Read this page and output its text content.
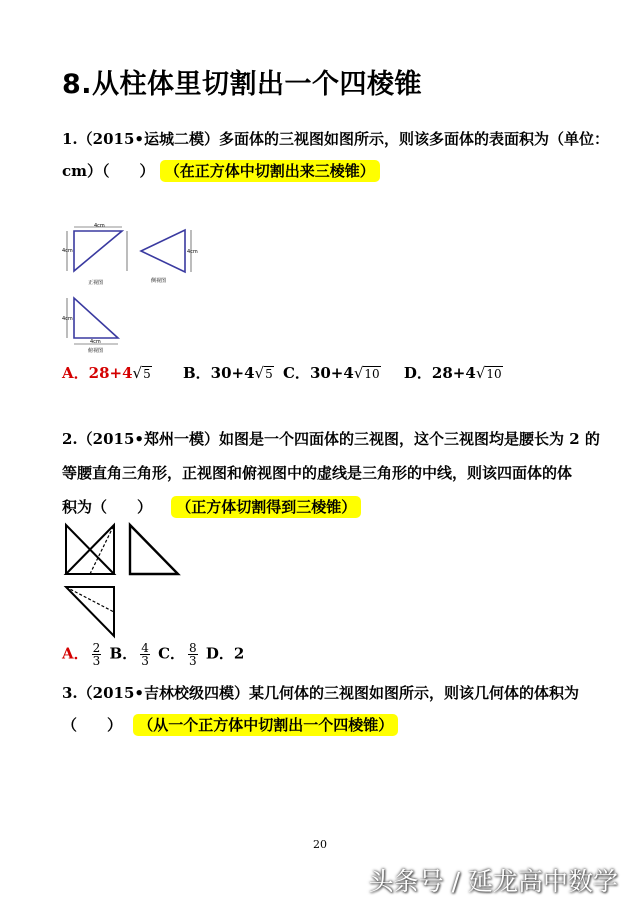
8.从柱体里切割出一个四棱锥
1.（2015•运城二模）多面体的三视图如图所示，则该多面体的表面积为（单位：
cm）（　　） （在正方体中切割出来三棱锥）
4cm
4cm
正视图
4cm
侧视图
4cm
4cm
俯视图
A．28+4√5 B．30+4√5 C．30+4√10 D．28+4√10
2.（2015•郑州一模）如图是一个四面体的三视图，这个三视图均是腰长为 2 的
等腰直角三角形，正视图和俯视图中的虚线是三角形的中线，则该四面体的体
积为（　　） （正方体切割得到三棱锥）
A． $\frac{2}{3}$ B． $\frac{4}{3}$ C． $\frac{8}{3}$ D．2
3.（2015•吉林校级四模）某几何体的三视图如图所示，则该几何体的体积为
（　　） （从一个正方体中切割出一个四棱锥）
20
头条号 / 延龙高中数学
